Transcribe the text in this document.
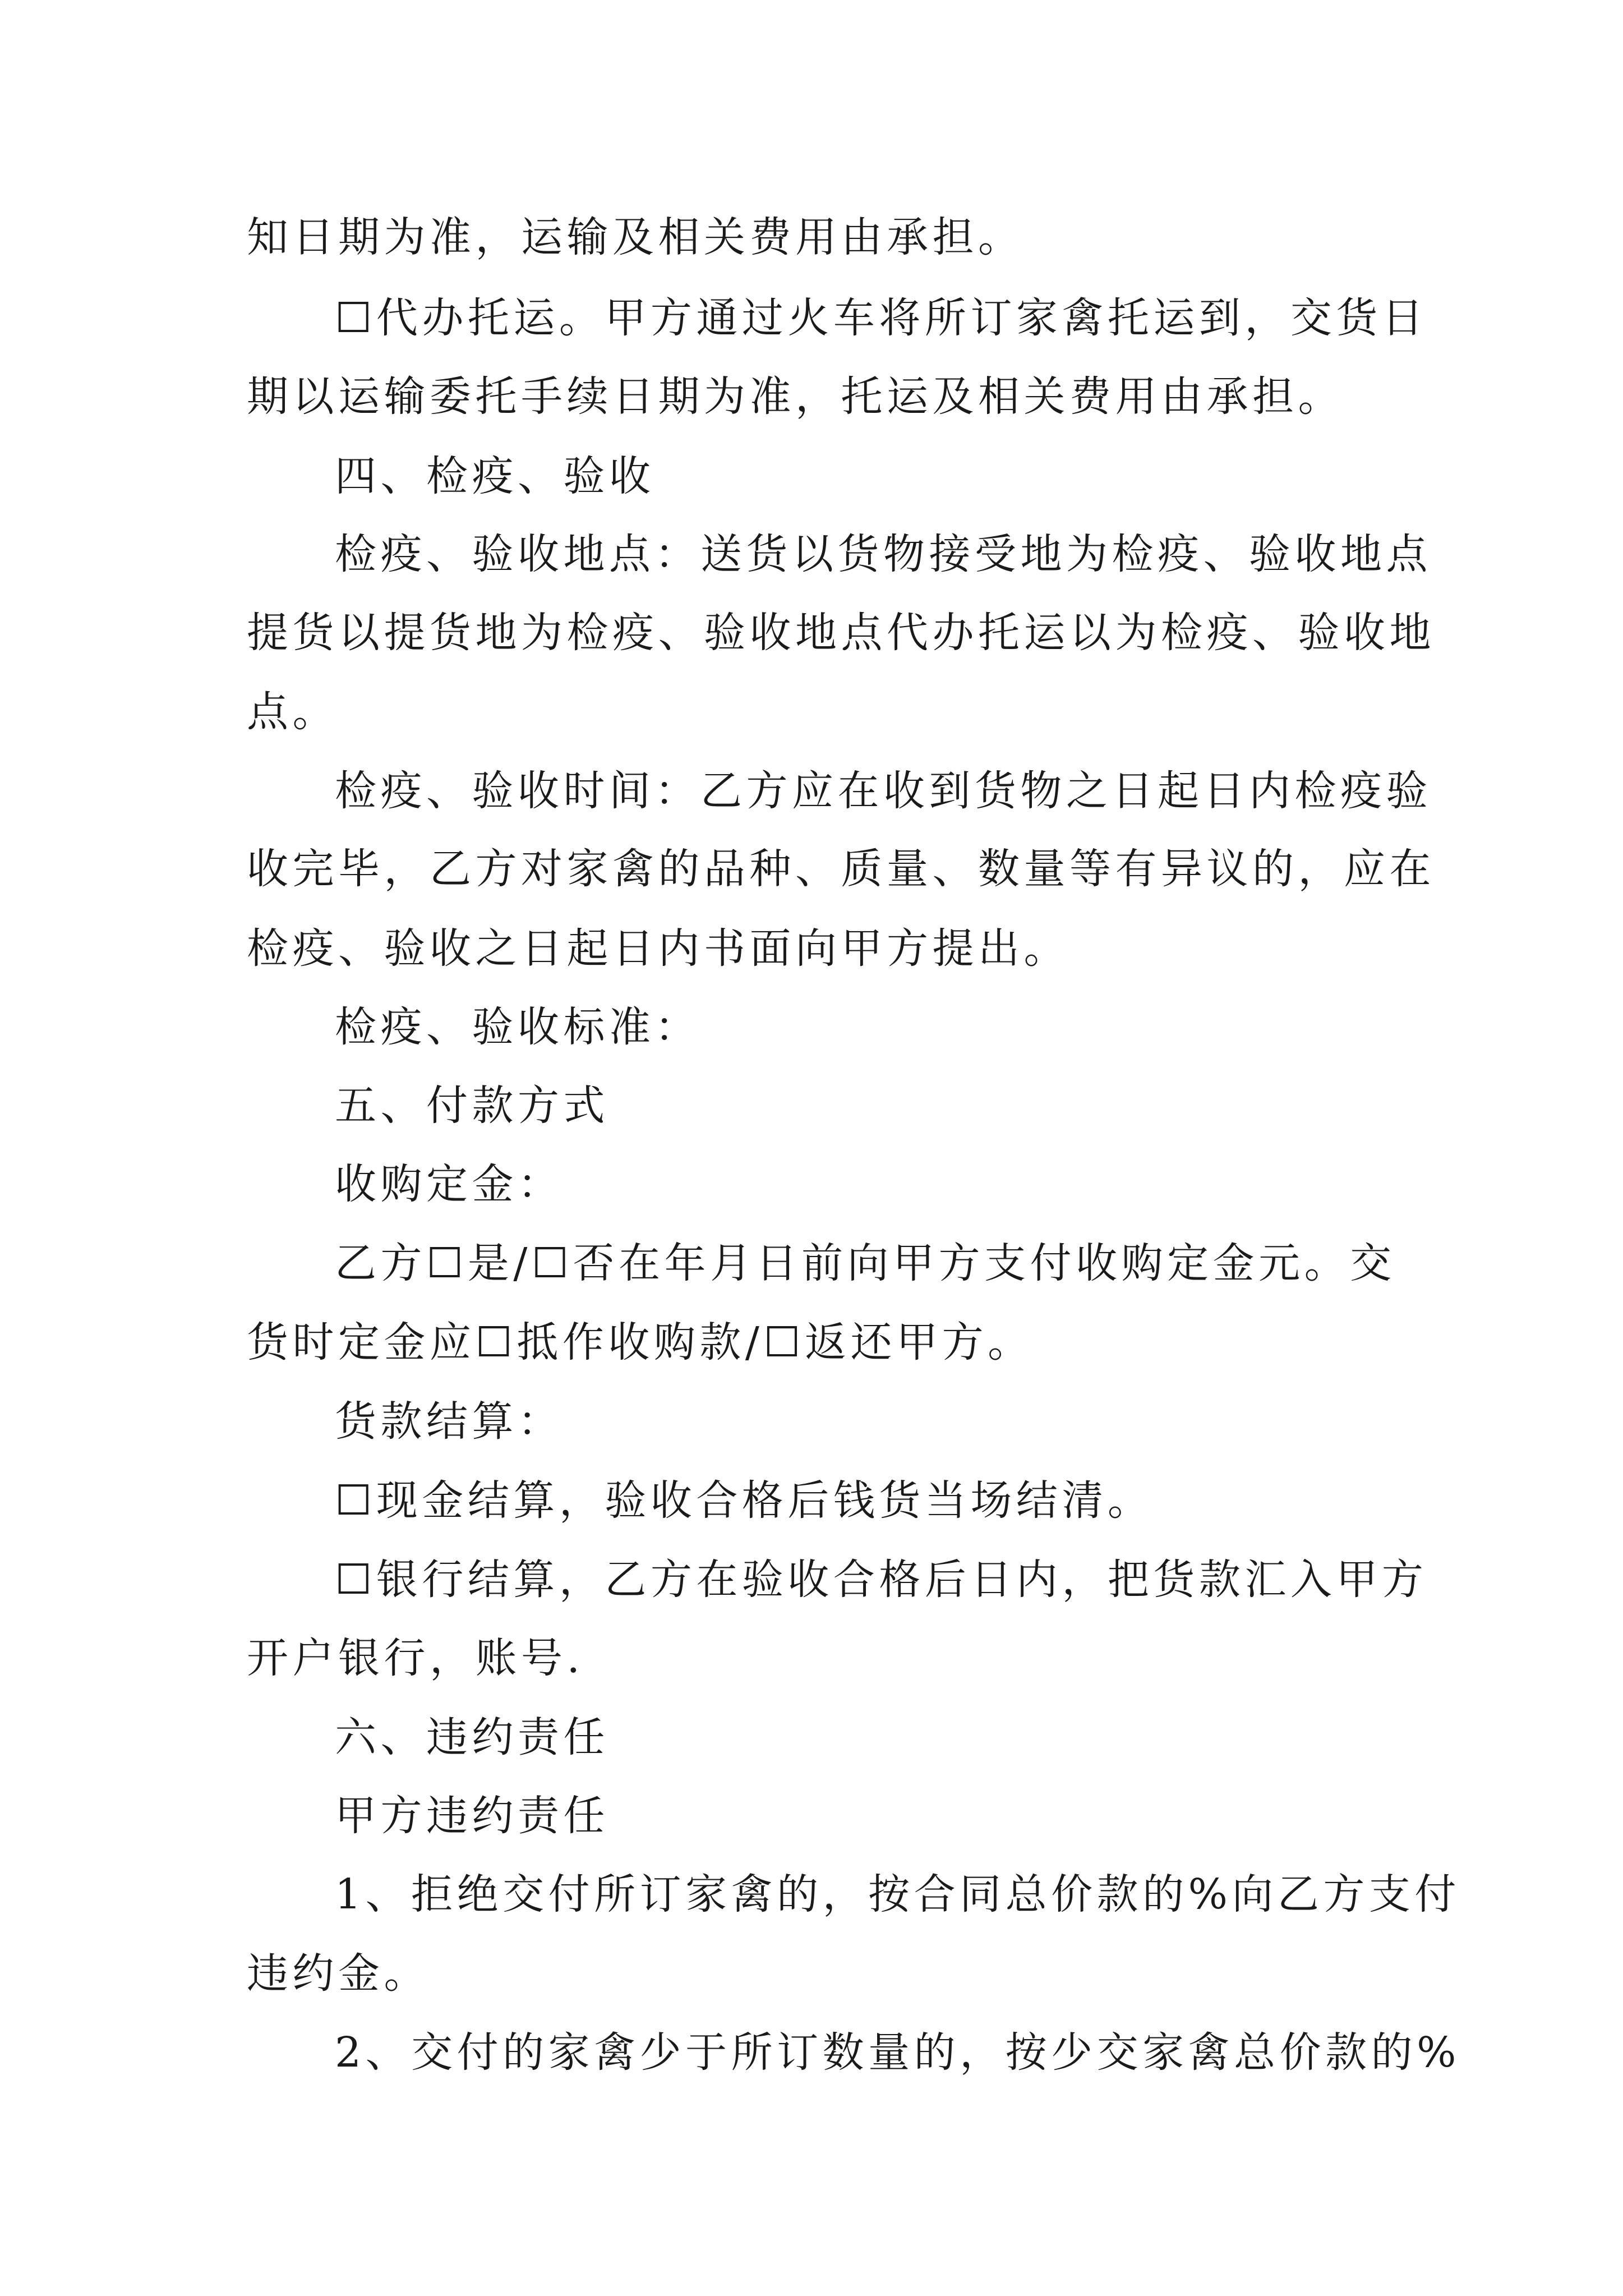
知日期为准，运输及相关费用由承担。
☐代办托运。甲方通过火车将所订家禽托运到，交货日
期以运输委托手续日期为准，托运及相关费用由承担。
四、检疫、验收
检疫、验收地点：送货以货物接受地为检疫、验收地点
提货以提货地为检疫、验收地点代办托运以为检疫、验收地
点。
检疫、验收时间：乙方应在收到货物之日起日内检疫验
收完毕，乙方对家禽的品种、质量、数量等有异议的，应在
检疫、验收之日起日内书面向甲方提出。
检疫、验收标准：
五、付款方式
收购定金：
乙方☐是/☐否在年月日前向甲方支付收购定金元。交
货时定金应☐抵作收购款/☐返还甲方。
货款结算：
☐现金结算，验收合格后钱货当场结清。
☐银行结算，乙方在验收合格后日内，把货款汇入甲方
开户银行，账号.
六、违约责任
甲方违约责任
1、拒绝交付所订家禽的，按合同总价款的%向乙方支付
违约金。
2、交付的家禽少于所订数量的，按少交家禽总价款的%
